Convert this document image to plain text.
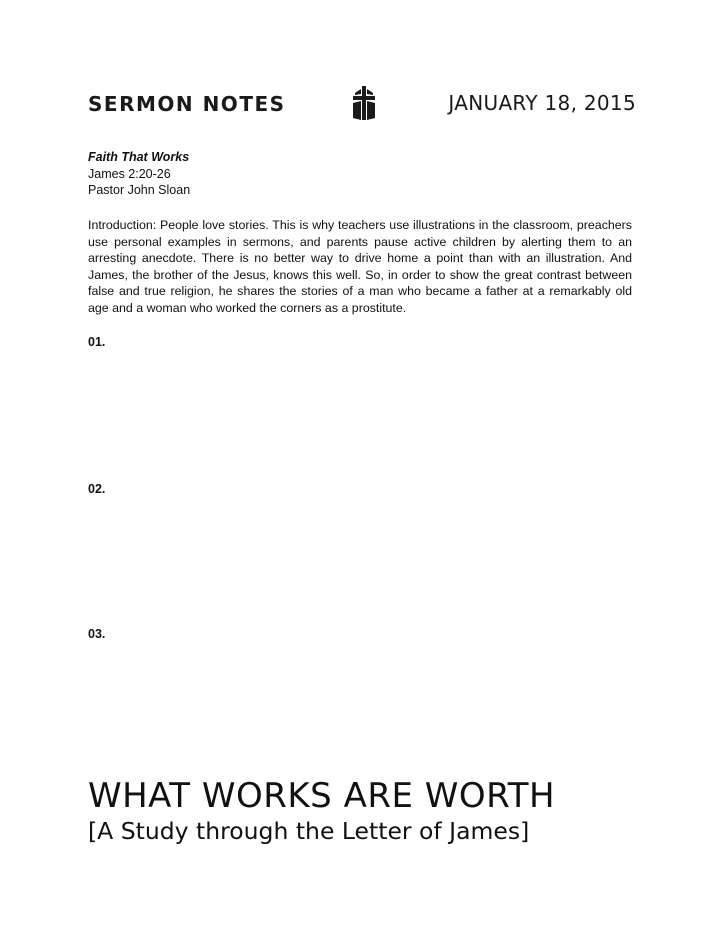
SERMON NOTES	JANUARY 18, 2015
Faith That Works
James 2:20-26
Pastor John Sloan

Introduction: People love stories. This is why teachers use illustrations in the classroom, preachers use personal examples in sermons, and parents pause active children by alerting them to an arresting anecdote. There is no better way to drive home a point than with an illustration. And James, the brother of the Jesus, knows this well. So, in order to show the great contrast between false and true religion, he shares the stories of a man who became a father at a remarkably old age and a woman who worked the corners as a prostitute.

01.
02.
03.
WHAT WORKS ARE WORTH
[A Study through the Letter of James]
